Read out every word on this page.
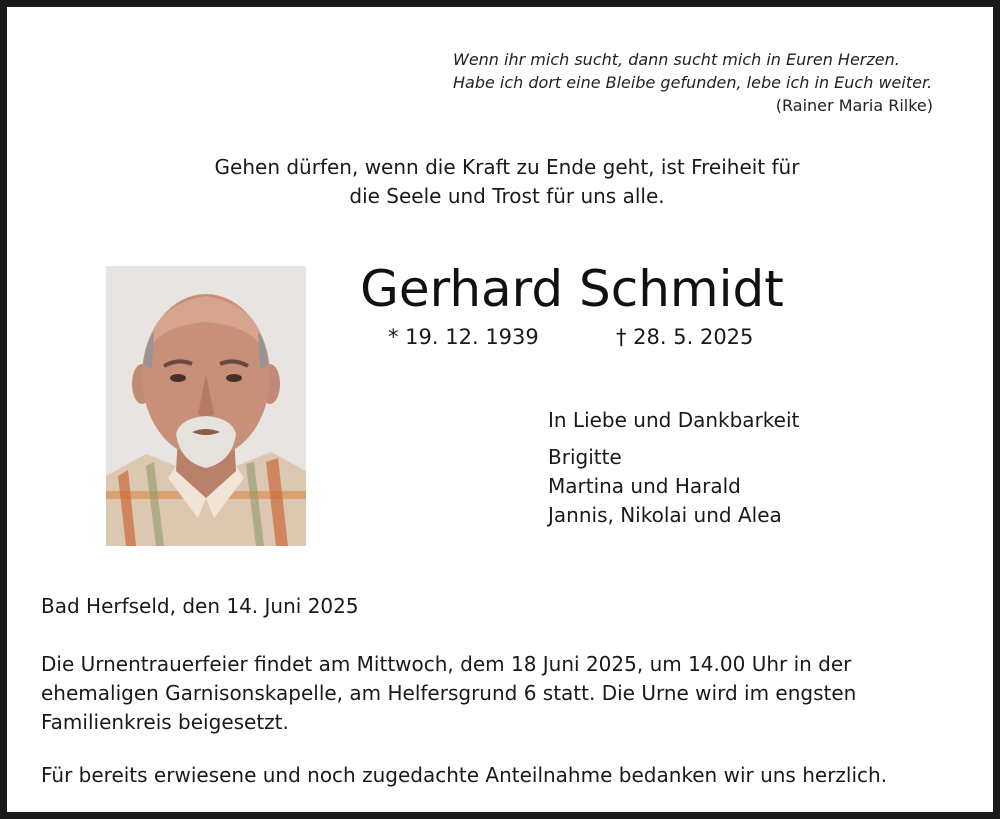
Wenn ihr mich sucht, dann sucht mich in Euren Herzen.
Habe ich dort eine Bleibe gefunden, lebe ich in Euch weiter.
(Rainer Maria Rilke)
Gehen dürfen, wenn die Kraft zu Ende geht, ist Freiheit für
die Seele und Trost für uns alle.
Gerhard Schmidt
* 19. 12. 1939	† 28. 5. 2025
In Liebe und Dankbarkeit
Brigitte
Martina und Harald
Jannis, Nikolai und Alea
Bad Herfseld, den 14. Juni 2025
Die Urnentrauerfeier findet am Mittwoch, dem 18 Juni 2025, um 14.00 Uhr in der
ehemaligen Garnisonskapelle, am Helfersgrund 6 statt. Die Urne wird im engsten
Familienkreis beigesetzt.
Für bereits erwiesene und noch zugedachte Anteilnahme bedanken wir uns herzlich.
